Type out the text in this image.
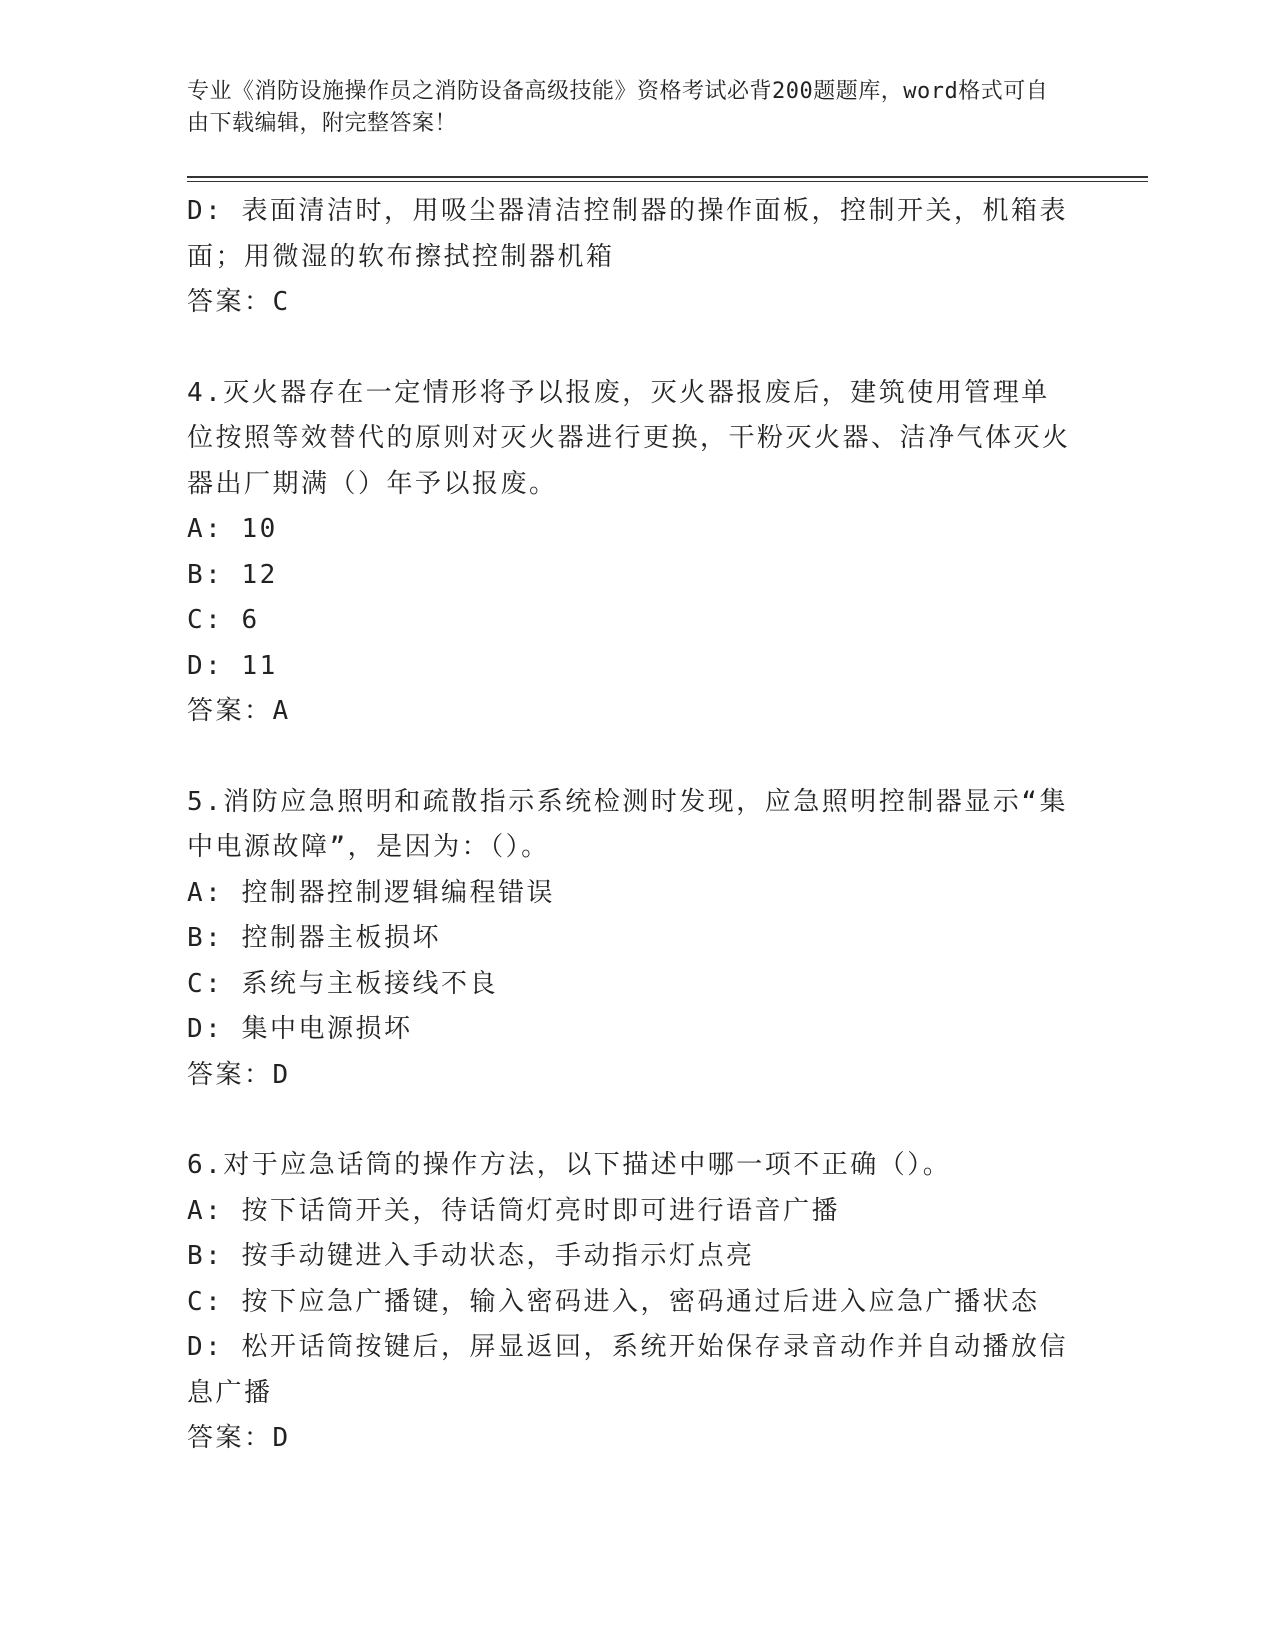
专业《消防设施操作员之消防设备高级技能》资格考试必背200题题库，word格式可自由下载编辑，附完整答案！
D: 表面清洁时，用吸尘器清洁控制器的操作面板，控制开关，机箱表面；用微湿的软布擦拭控制器机箱
答案：C
4.灭火器存在一定情形将予以报废，灭火器报废后，建筑使用管理单位按照等效替代的原则对灭火器进行更换，干粉灭火器、洁净气体灭火器出厂期满（）年予以报废。
A: 10
B: 12
C: 6
D: 11
答案：A
5.消防应急照明和疏散指示系统检测时发现，应急照明控制器显示“集中电源故障”，是因为：（）。
A: 控制器控制逻辑编程错误
B: 控制器主板损坏
C: 系统与主板接线不良
D: 集中电源损坏
答案：D
6.对于应急话筒的操作方法，以下描述中哪一项不正确（）。
A: 按下话筒开关，待话筒灯亮时即可进行语音广播
B: 按手动键进入手动状态，手动指示灯点亮
C: 按下应急广播键，输入密码进入，密码通过后进入应急广播状态
D: 松开话筒按键后，屏显返回，系统开始保存录音动作并自动播放信息广播
答案：D
